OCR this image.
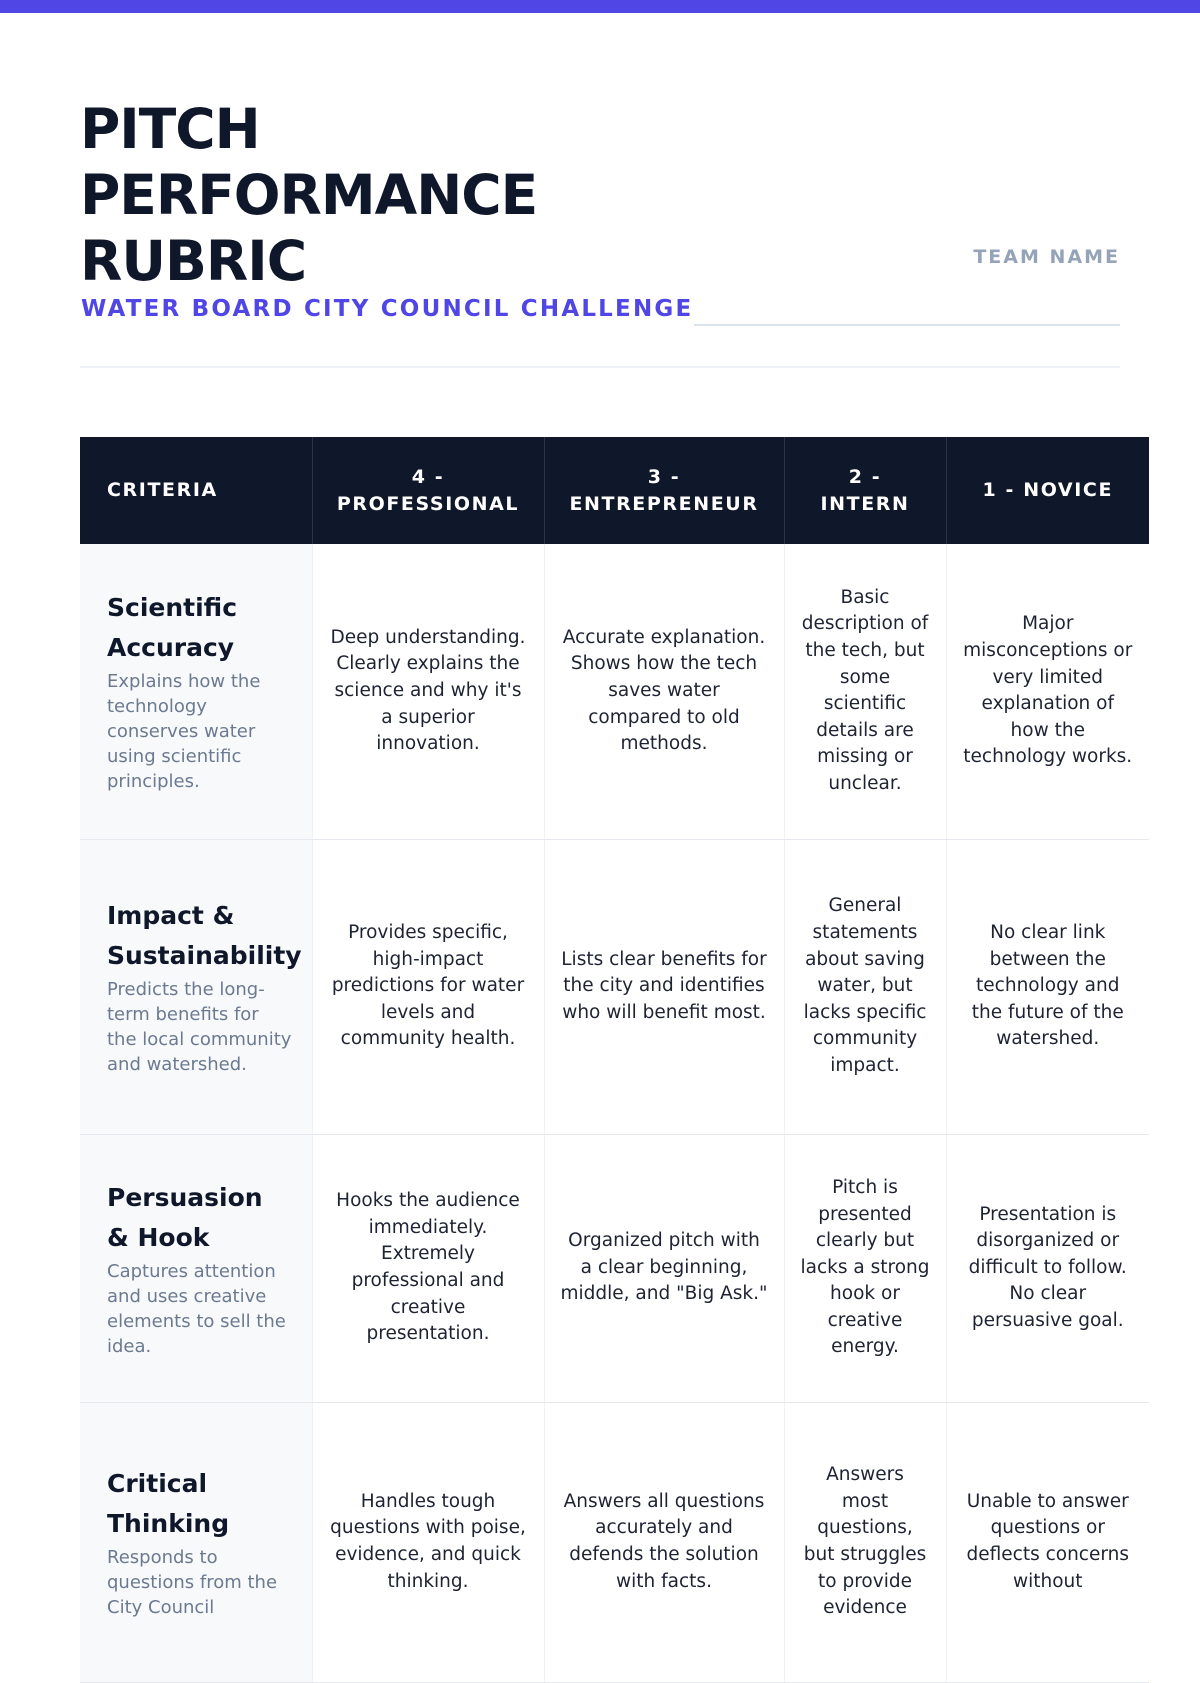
PITCH
PERFORMANCE
RUBRIC
WATER BOARD CITY COUNCIL CHALLENGE
TEAM NAME
CRITERIA	4 - PROFESSIONAL	3 - ENTREPRENEUR	2 - INTERN	1 - NOVICE

Scientific Accuracy
Explains how the technology conserves water using scientific principles.	Deep understanding. Clearly explains the science and why it's a superior innovation.	Accurate explanation. Shows how the tech saves water compared to old methods.	Basic description of the tech, but some scientific details are missing or unclear.	Major misconceptions or very limited explanation of how the technology works.

Impact & Sustainability
Predicts the long-term benefits for the local community and watershed.	Provides specific, high-impact predictions for water levels and community health.	Lists clear benefits for the city and identifies who will benefit most.	General statements about saving water, but lacks specific community impact.	No clear link between the technology and the future of the watershed.

Persuasion & Hook
Captures attention and uses creative elements to sell the idea.	Hooks the audience immediately. Extremely professional and creative presentation.	Organized pitch with a clear beginning, middle, and "Big Ask."	Pitch is presented clearly but lacks a strong hook or creative energy.	Presentation is disorganized or difficult to follow. No clear persuasive goal.

Critical Thinking
Responds to questions from the City Council	Handles tough questions with poise, evidence, and quick thinking.	Answers all questions accurately and defends the solution with facts.	Answers most questions, but struggles to provide evidence	Unable to answer questions or deflects concerns without
